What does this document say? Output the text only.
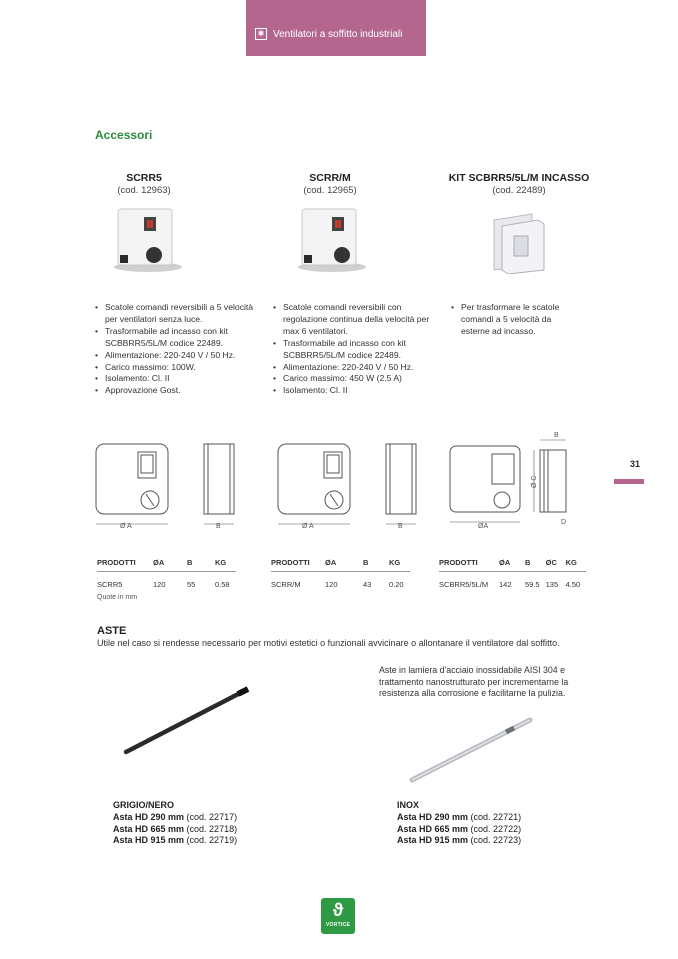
✱ Ventilatori a soffitto industriali
Accessori
SCRR5
(cod. 12963)
SCRR/M
(cod. 12965)
KIT SCBRR5/5L/M INCASSO
(cod. 22489)
• Scatole comandi reversibili a 5 velocità per ventilatori senza luce.
• Trasformabile ad incasso con kit SCBBRR5/5L/M codice 22489.
• Alimentazione: 220-240 V / 50 Hz.
• Carico massimo: 100W.
• Isolamento: Cl. II
• Approvazione Gost.
• Scatole comandi reversibili con regolazione continua della velocità per max 6 ventilatori.
• Trasformabile ad incasso con kit SCBBRR5/5L/M codice 22489.
• Alimentazione: 220-240 V / 50 Hz.
• Carico massimo: 450 W (2.5 A)
• Isolamento: Cl. II
• Per trasformare le scatole comandi a 5 velocità da esterne ad incasso.
31
Ø A	B	Ø A	B
B
ØA
D
Ø C
PRODOTTI	ØA	B	KG
SCRR5	120	55	0.58
PRODOTTI	ØA	B	KG
SCRR/M	120	43	0.20
PRODOTTI	ØA	B	ØC	KG
SCBRR5/5L/M	142	59.5	135	4.50
Quote in mm
ASTE
Utile nel caso si rendesse necessario per motivi estetici o funzionali avvicinare o allontanare il ventilatore dal soffitto.
Aste in lamiera d'acciaio inossidabile AISI 304 e trattamento nanostrutturato per incrementarne la resistenza alla corrosione e facilitarne la pulizia.
GRIGIO/NERO
Asta HD 290 mm (cod. 22717)
Asta HD 665 mm (cod. 22718)
Asta HD 915 mm (cod. 22719)
INOX
Asta HD 290 mm (cod. 22721)
Asta HD 665 mm (cod. 22722)
Asta HD 915 mm (cod. 22723)
ϑ
VORTICE
